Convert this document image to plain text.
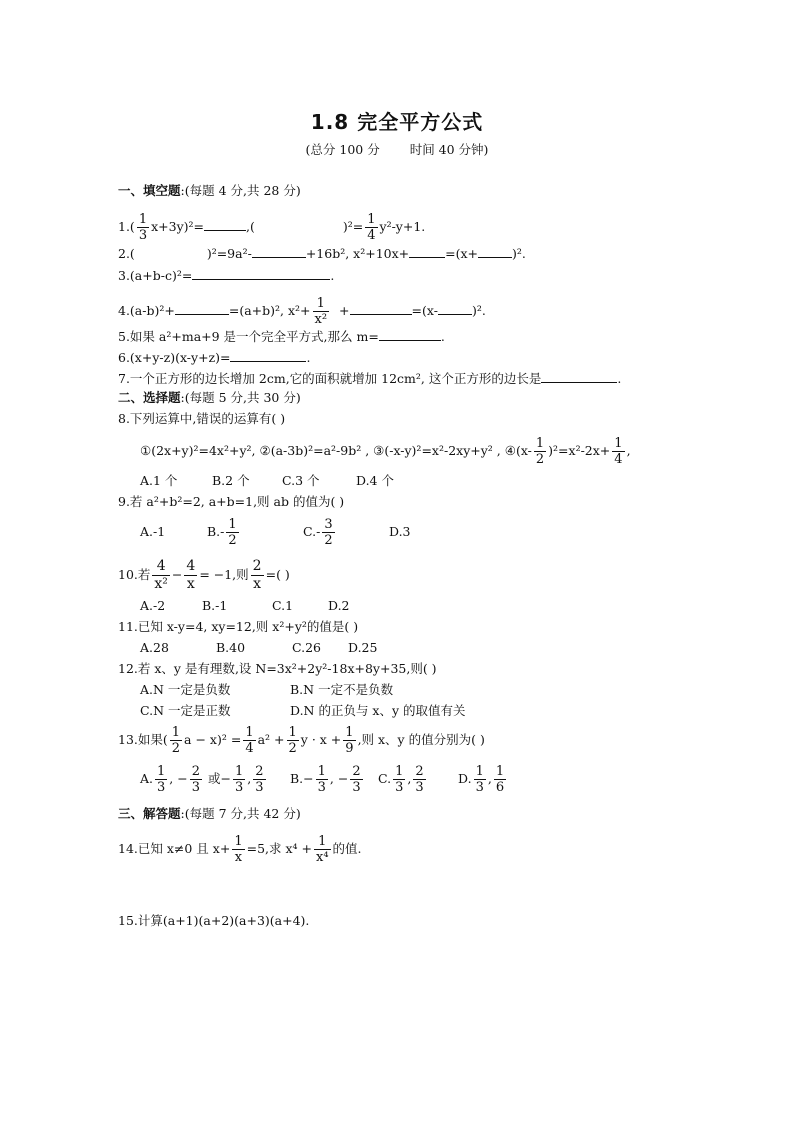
1.8 完全平方公式
(总分 100 分 时间 40 分钟)
一、填空题:(每题 4 分,共 28 分)
$1.( \frac{1}{3} x+3y)^2=$	,(	)$^2= \frac{1}{4} y^2-y+1$.
2.(	)²=9a²-	+16b², x²+10x+	=(x+	)².
3.(a+b-c)²=	.
4.(a-b)²+	=(a+b)², $x^2+ \frac{1}{\text{x²}}$ +	=(x-	)².
5.如果 a²+ma+9 是一个完全平方式,那么 m=	.
6.(x+y-z)(x-y+z)=	.
7.一个正方形的边长增加 2cm,它的面积就增加 12cm², 这个正方形的边长是	.
二、选择题:(每题 5 分,共 30 分)
8.下列运算中,错误的运算有( )
①(2x+y)²=4x²+y², ②(a-3b)²=a²-9b² , ③(-x-y)²=x²-2xy+y² , ④(x- $\frac{1}{2} )^2=x^2-2x+ \frac{1}{4}$ ,
A.1 个	B.2 个	C.3 个	D.4 个
9.若 a²+b²=2, a+b=1,则 ab 的值为( )
A.-1	$B.- \frac{1}{2}$	$C.- \frac{3}{2}$	D.3
10.若 $\frac{4}{\text{x²}} - \frac{4}{x} = -1$,则 $\frac{2}{x}$ =( )
A.-2	B.-1	C.1	D.2
11.已知 x-y=4, xy=12,则 x²+y²的值是( )
A.28	B.40	C.26 D.25
12.若 x、y 是有理数,设 N=3x²+2y²-18x+8y+35,则( )
A.N 一定是负数	B.N 一定不是负数
C.N 一定是正数	D.N 的正负与 x、y 的取值有关
13.如果( $\frac{1}{2}$ $a - x)^2 = \frac{1}{4} a^2 + \frac{1}{2}$ $y \cdot x + \frac{1}{9}$ ,则 x、y 的值分别为( )
A. $\frac{1}{3}$ , − $\frac{2}{3}$ 或− $\frac{1}{3}$ , $\frac{2}{3} B.- \frac{1}{3}$ , − $\frac{2}{3} C$. $\frac{1}{3}$ , $\frac{2}{3}$	D. $\frac{1}{3}$ , $\frac{1}{6}$
三、解答题:(每题 7 分,共 42 分)
14.已知 x≠0 且 $x+ \frac{1}{x} =5$,求 $x^4 + \frac{1}{\text{x⁴}}$ 的值.
15.计算(a+1)(a+2)(a+3)(a+4).
